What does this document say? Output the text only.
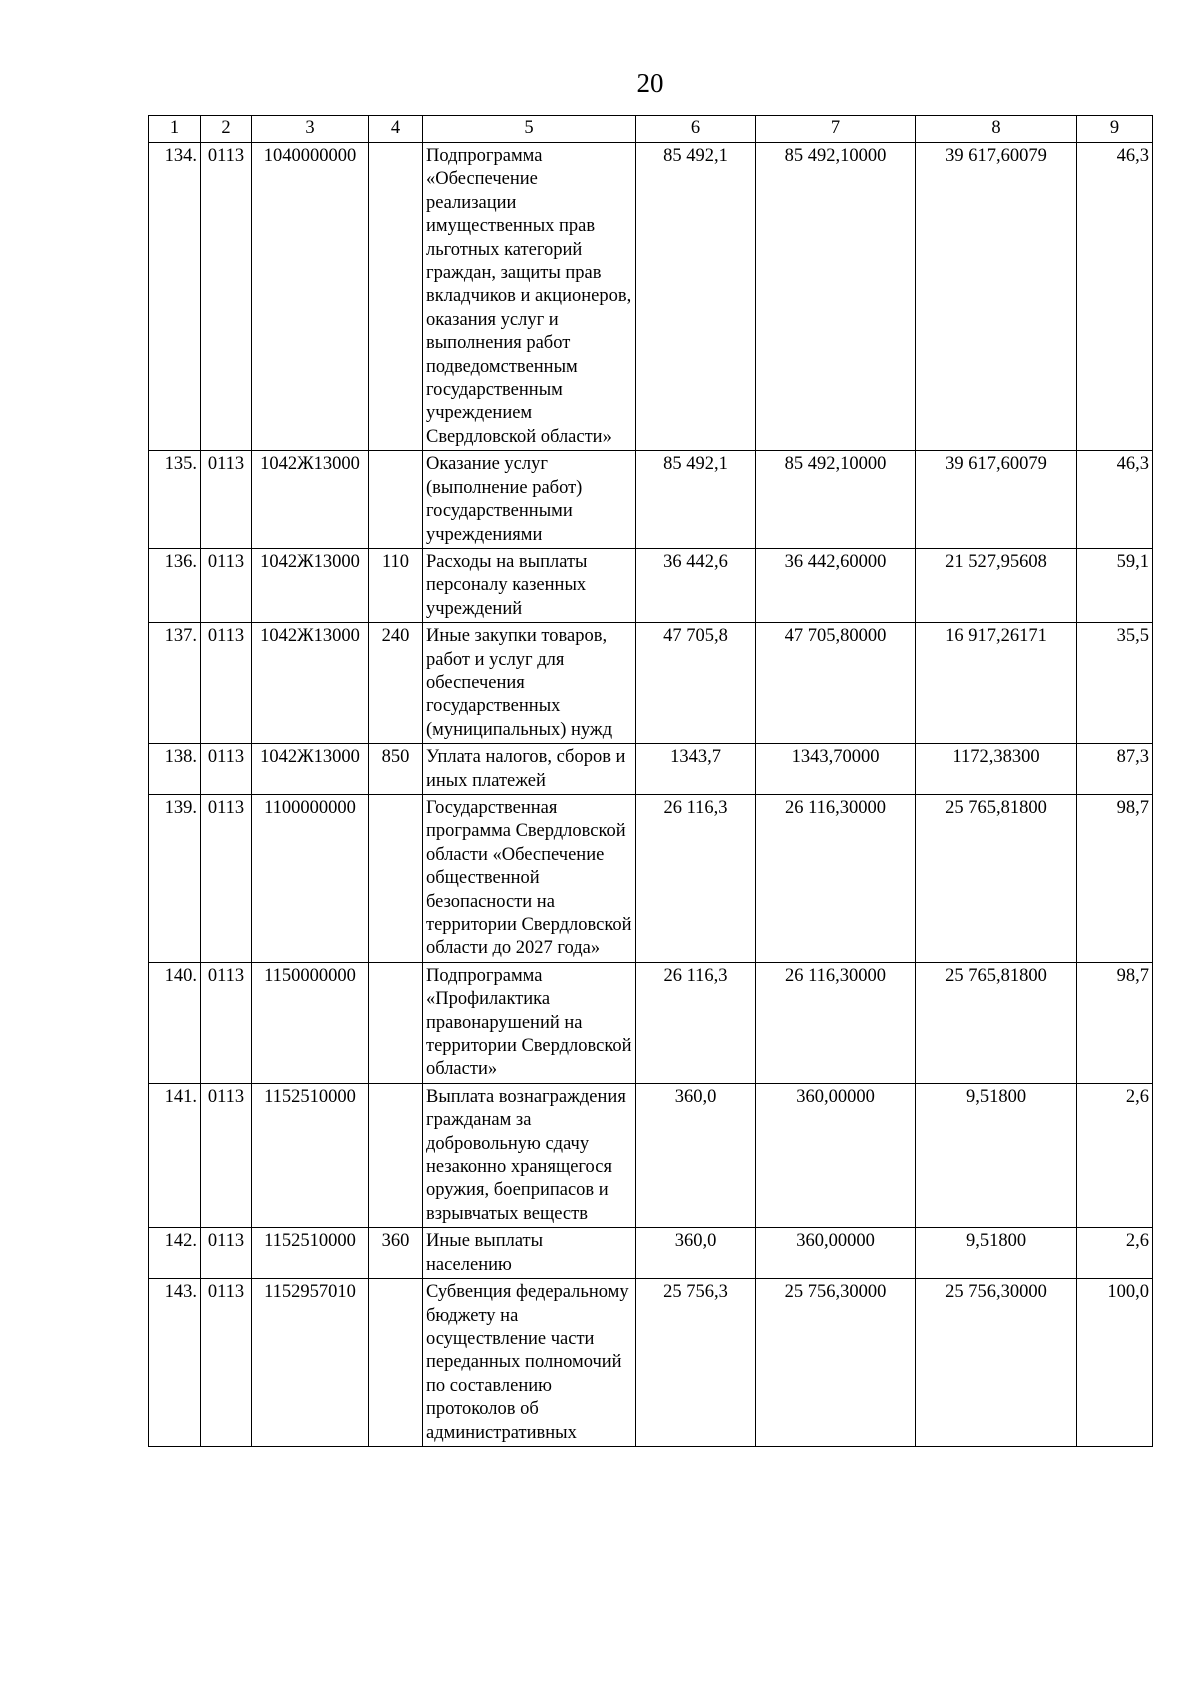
20
1	2	3	4	5	6	7	8	9
134.	0113	1040000000		Подпрограмма «Обеспечение реализации имущественных прав льготных категорий граждан, защиты прав вкладчиков и акционеров, оказания услуг и выполнения работ подведомственным государственным учреждением Свердловской области»	85 492,1	85 492,10000	39 617,60079	46,3
135.	0113	1042Ж13000		Оказание услуг (выполнение работ) государственными учреждениями	85 492,1	85 492,10000	39 617,60079	46,3
136.	0113	1042Ж13000	110	Расходы на выплаты персоналу казенных учреждений	36 442,6	36 442,60000	21 527,95608	59,1
137.	0113	1042Ж13000	240	Иные закупки товаров, работ и услуг для обеспечения государственных (муниципальных) нужд	47 705,8	47 705,80000	16 917,26171	35,5
138.	0113	1042Ж13000	850	Уплата налогов, сборов и иных платежей	1343,7	1343,70000	1172,38300	87,3
139.	0113	1100000000		Государственная программа Свердловской области «Обеспечение общественной безопасности на территории Свердловской области до 2027 года»	26 116,3	26 116,30000	25 765,81800	98,7
140.	0113	1150000000		Подпрограмма «Профилактика правонарушений на территории Свердловской области»	26 116,3	26 116,30000	25 765,81800	98,7
141.	0113	1152510000		Выплата вознаграждения гражданам за добровольную сдачу незаконно хранящегося оружия, боеприпасов и взрывчатых веществ	360,0	360,00000	9,51800	2,6
142.	0113	1152510000	360	Иные выплаты населению	360,0	360,00000	9,51800	2,6
143.	0113	1152957010		Субвенция федеральному бюджету на осуществление части переданных полномочий по составлению протоколов об административных	25 756,3	25 756,30000	25 756,30000	100,0
